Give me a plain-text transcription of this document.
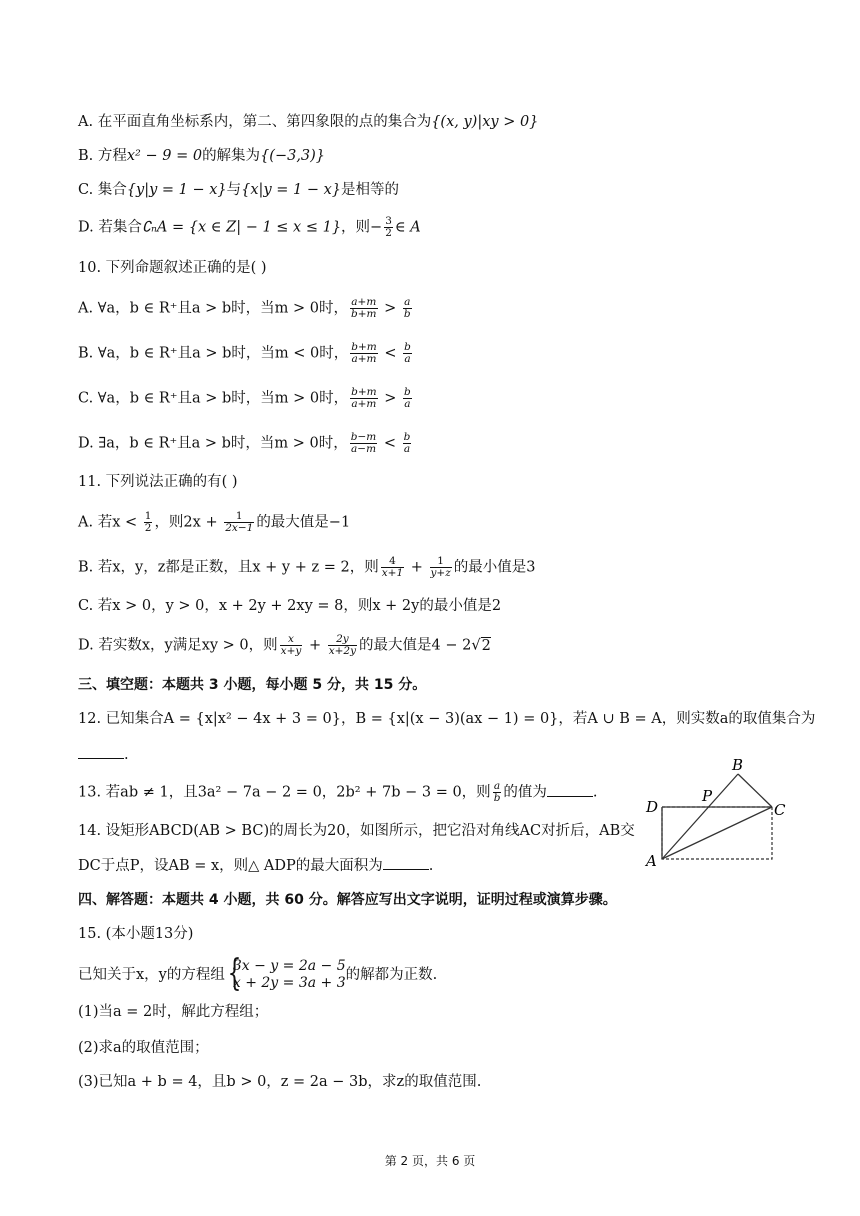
A. 在平面直角坐标系内，第二、第四象限的点的集合为{(x, y)|xy > 0}
B. 方程x² − 9 = 0的解集为{(−3,3)}
C. 集合{y|y = 1 − x}与{x|y = 1 − x}是相等的
D. 若集合∁ₙA = {x ∈ Z| − 1 ≤ x ≤ 1}，则− $\frac{3}{2}$ ∈ A
10. 下列命题叙述正确的是( )
A. ∀a，b ∈ R⁺且a > b时，当m > 0时， $\frac{a+m}{b+m} > \frac{a}{b}$
B. ∀a，b ∈ R⁺且a > b时，当m < 0时， $\frac{b+m}{a+m} < \frac{b}{a}$
C. ∀a，b ∈ R⁺且a > b时，当m > 0时， $\frac{b+m}{a+m} > \frac{b}{a}$
D. ∃a，b ∈ R⁺且a > b时，当m > 0时， $\frac{b-m}{a-m} < \frac{b}{a}$
11. 下列说法正确的有( )
A. 若$x < \frac{1}{2}$ ，则$2x + \frac{1}{2x-1}$ 的最大值是−1
B. 若x，y，z都是正数，且x + y + z = 2，则 $\frac{4}{x+1} + \frac{1}{y+z}$ 的最小值是3
C. 若x > 0，y > 0，x + 2y + 2xy = 8，则x + 2y的最小值是2
D. 若实数x，y满足xy > 0，则 $\frac{x}{x+y} + \frac{2y}{x+2y}$ 的最大值是4 − 2√2
三、填空题：本题共 3 小题，每小题 5 分，共 15 分。
12. 已知集合A = {x|x² − 4x + 3 = 0}，B = {x|(x − 3)(ax − 1) = 0}，若A ∪ B = A，则实数a的取值集合为
.
13. 若ab ≠ 1，且3a² − 7a − 2 = 0，2b² + 7b − 3 = 0，则 $\frac{a}{b}$ 的值为	.
14. 设矩形ABCD(AB > BC)的周长为20，如图所示，把它沿对角线AC对折后，AB交
DC于点P，设AB = x，则△ ADP的最大面积为	.	A
B
C
D
P
四、解答题：本题共 4 小题，共 60 分。解答应写出文字说明，证明过程或演算步骤。
15. (本小题13分)
已知关于x，y的方程组
{ 3x − y = 2a − 5
x + 2y = 3a + 3 的解都为正数.
(1)当a = 2时，解此方程组；
(2)求a的取值范围；
(3)已知a + b = 4，且b > 0，z = 2a − 3b，求z的取值范围.
第 2 页，共 6 页
